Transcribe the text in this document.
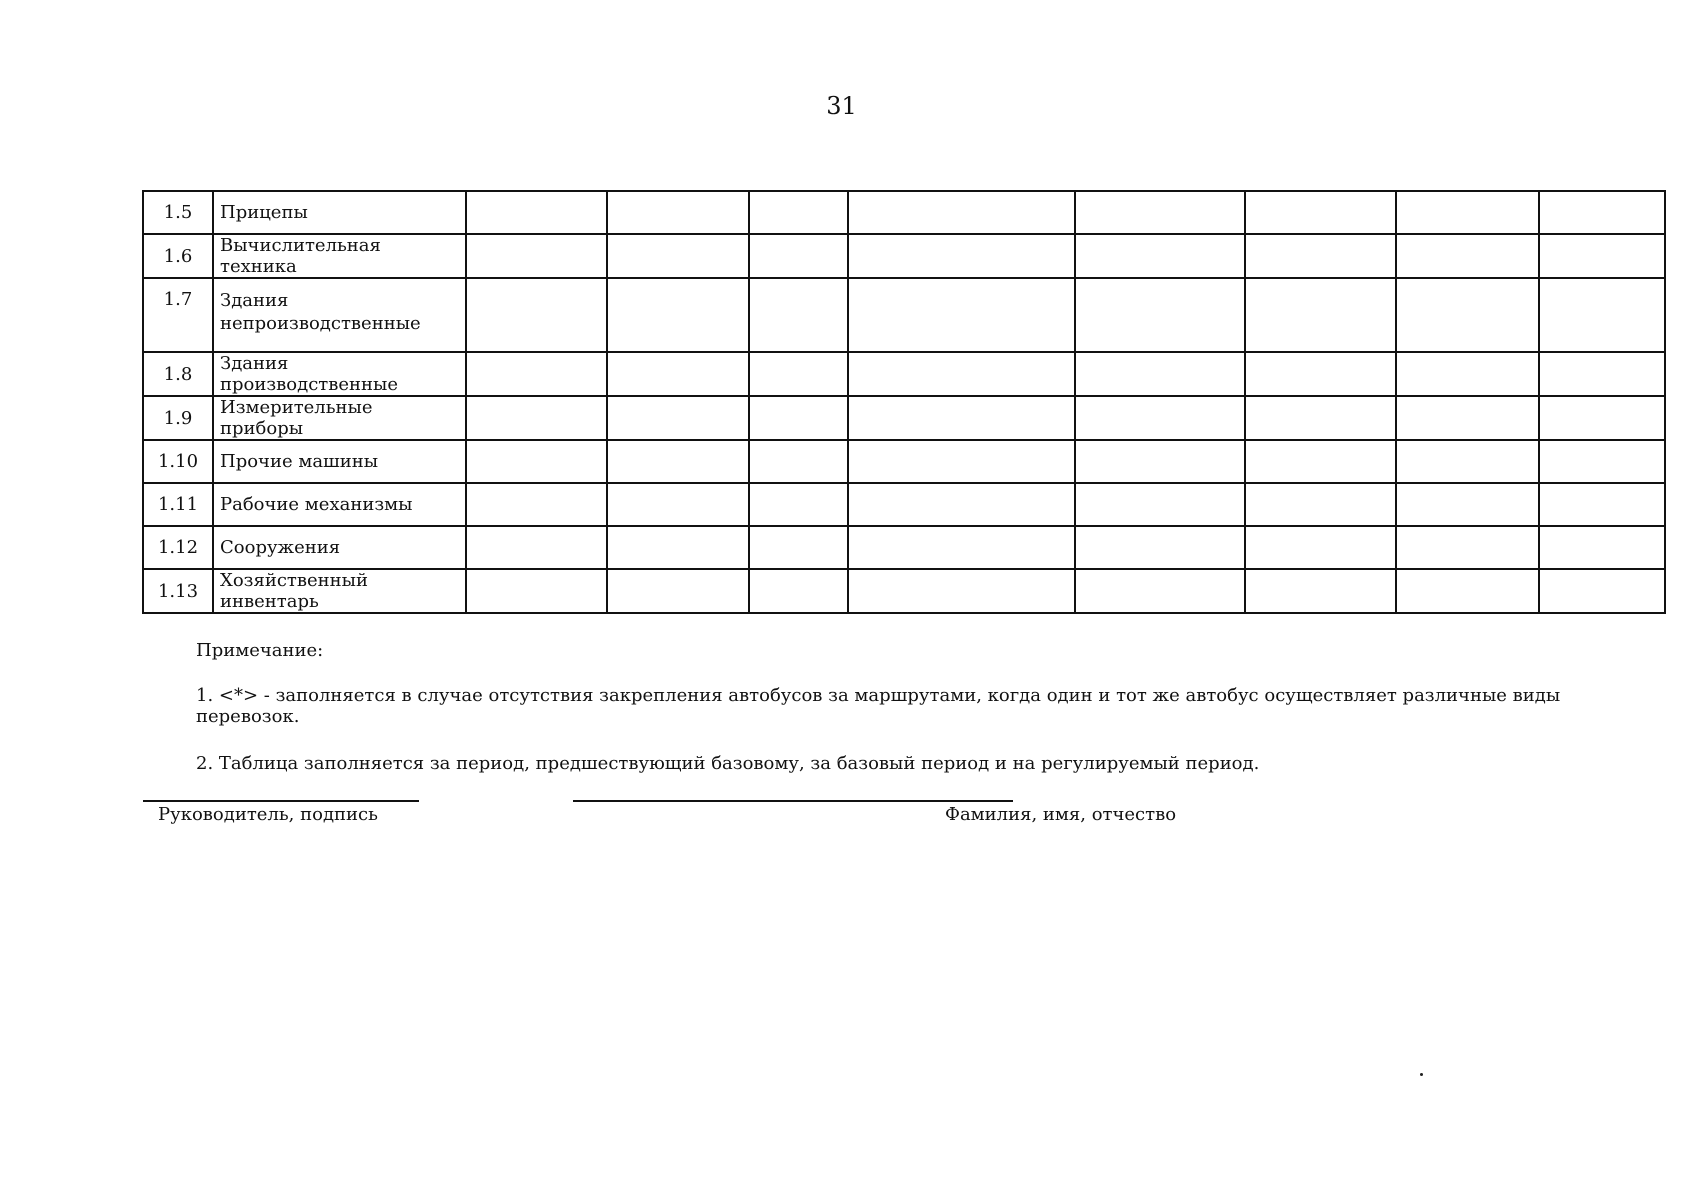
31
1.5	Прицепы								
1.6	Вычислительная техника								
1.7	Здания непроизводственные								
1.8	Здания производственные								
1.9	Измерительные приборы								
1.10	Прочие машины								
1.11	Рабочие механизмы								
1.12	Сооружения								
1.13	Хозяйственный инвентарь								

Примечание:

1. <*> - заполняется в случае отсутствия закрепления автобусов за маршрутами, когда один и тот же автобус осуществляет различные виды перевозок.

2. Таблица заполняется за период, предшествующий базовому, за базовый период и на регулируемый период.

Руководитель, подпись	Фамилия, имя, отчество
